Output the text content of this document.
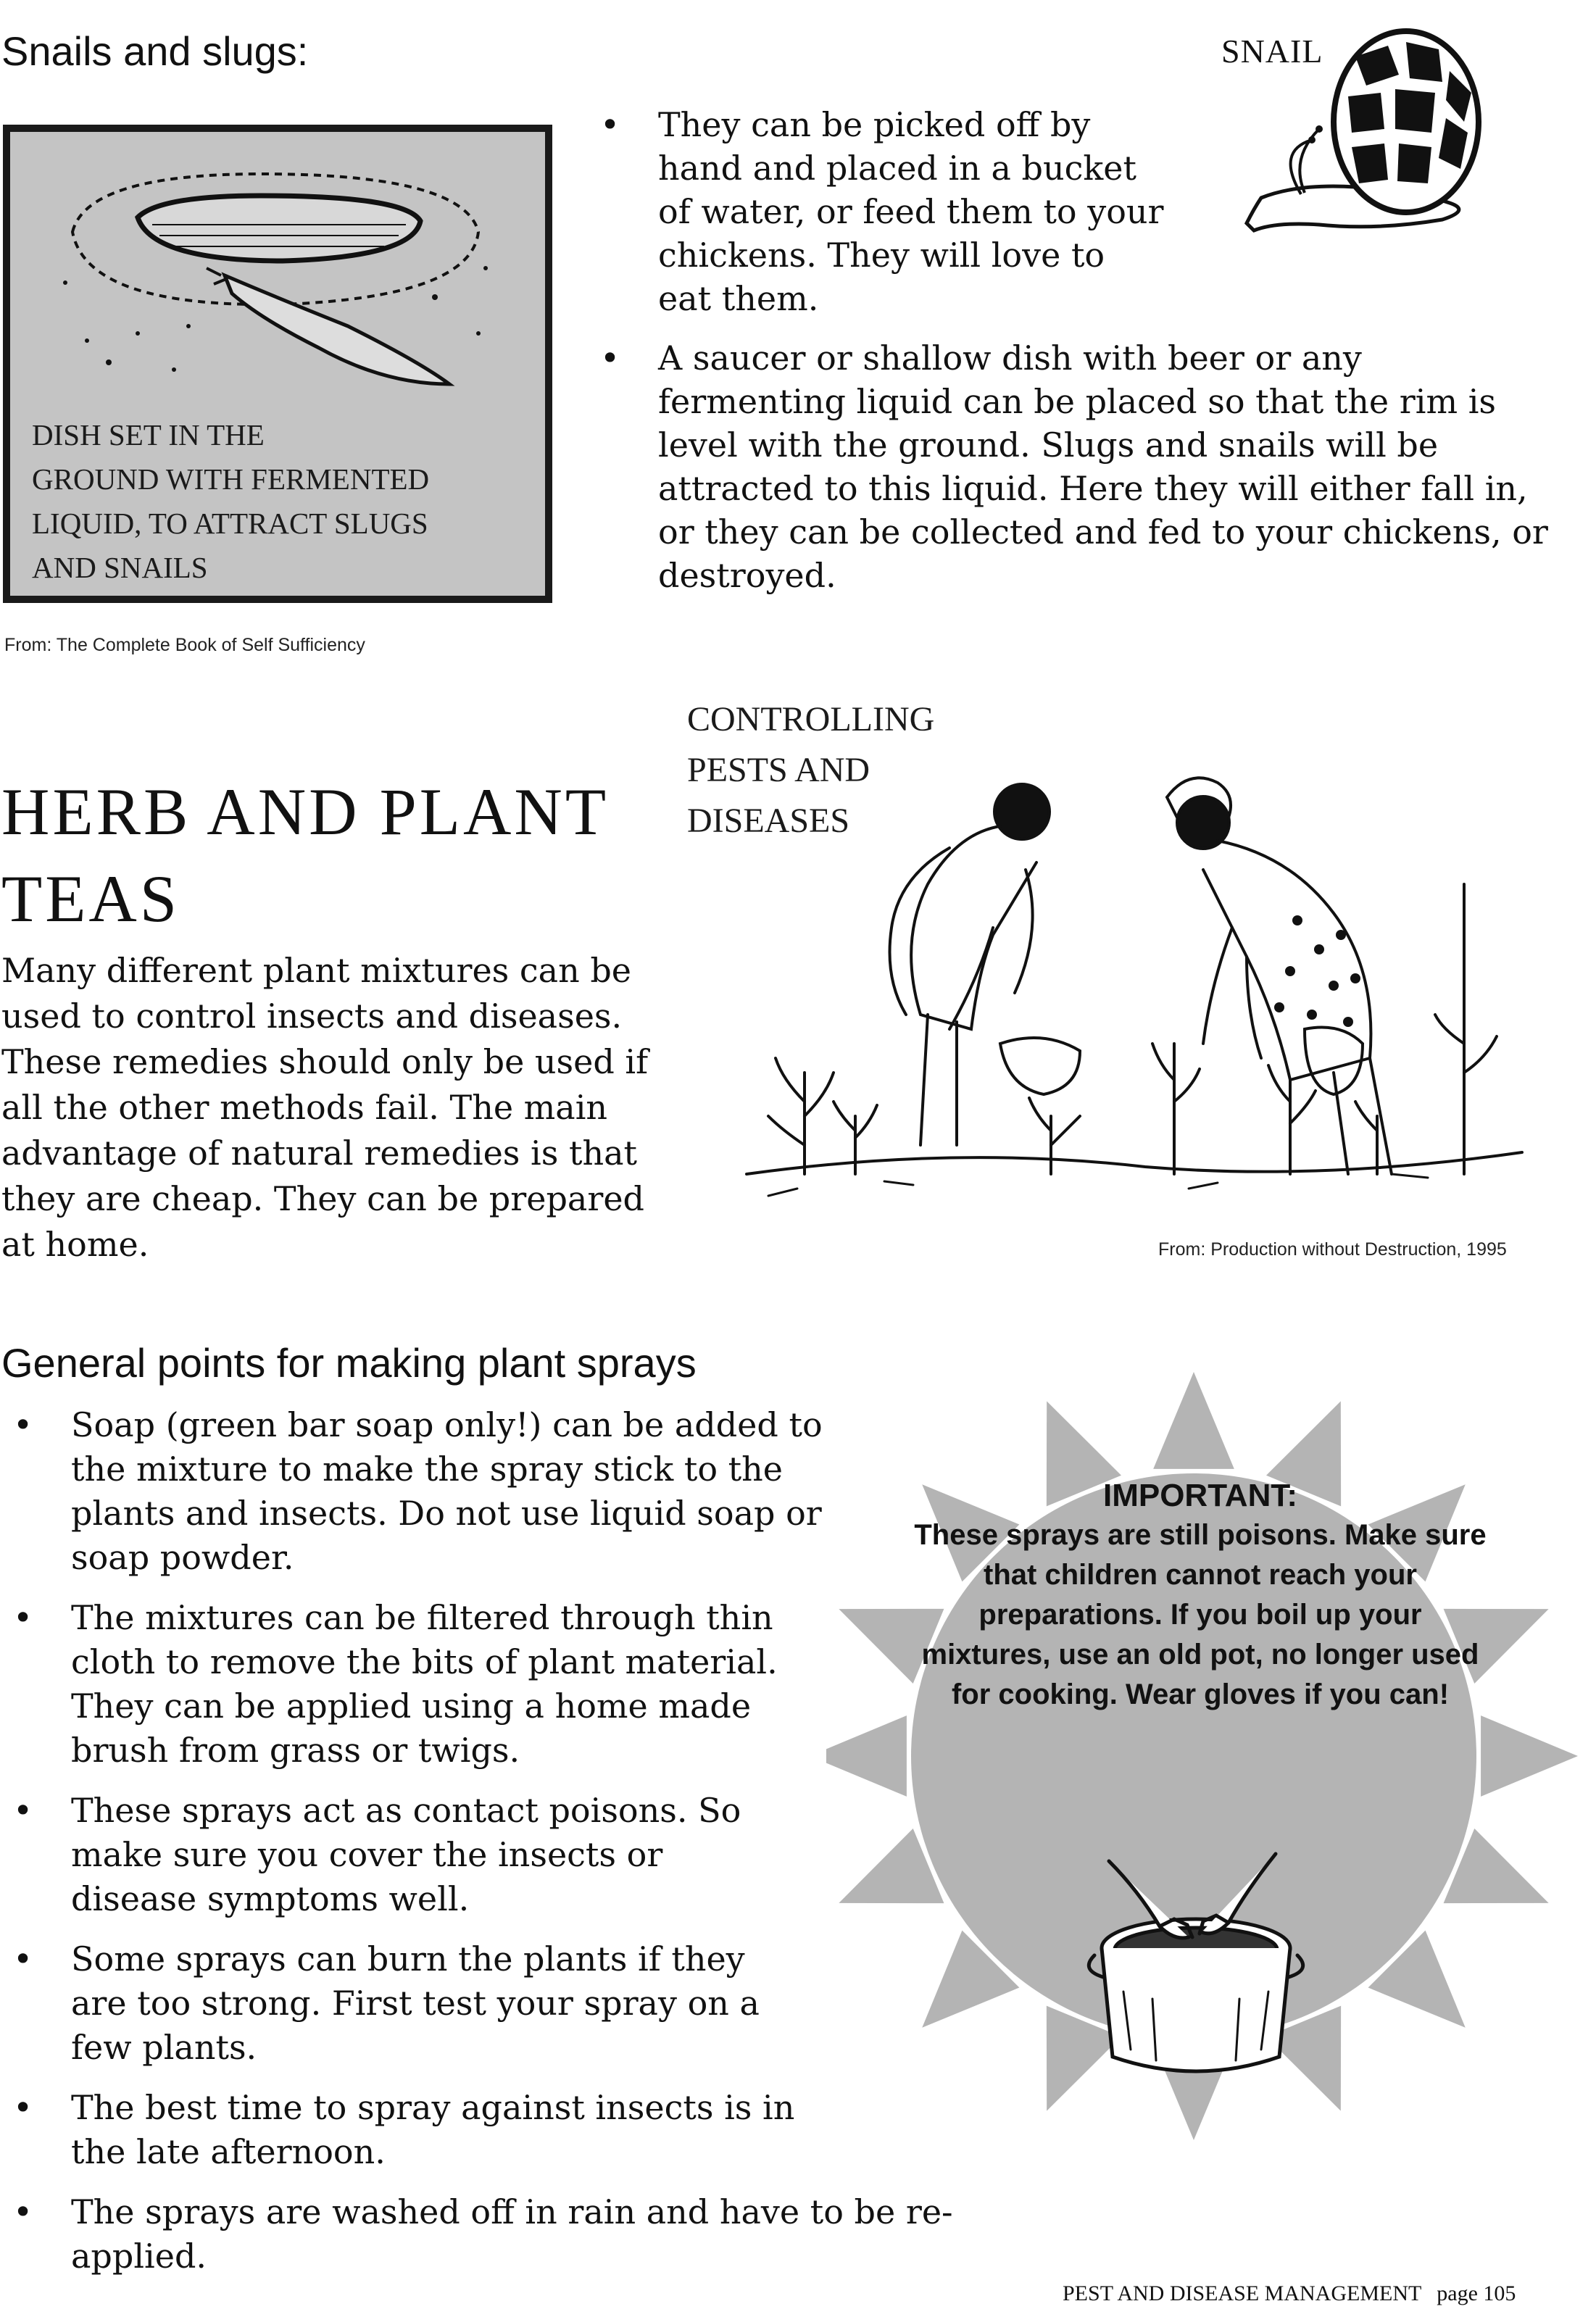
Snails and slugs:	SNAIL
DISH SET IN THE
GROUND WITH FERMENTED
LIQUID, TO ATTRACT SLUGS
AND SNAILS
From: The Complete Book of Self Sufficiency
• They can be picked off by hand and placed in a bucket of water, or feed them to your chickens. They will love to eat them.
• A saucer or shallow dish with beer or any fermenting liquid can be placed so that the rim is level with the ground. Slugs and snails will be attracted to this liquid. Here they will either fall in, or they can be collected and fed to your chickens, or destroyed.
HERB AND PLANT
TEAS
Many different plant mixtures can be used to control insects and diseases. These remedies should only be used if all the other methods fail. The main advantage of natural remedies is that they are cheap. They can be prepared at home.
CONTROLLING
PESTS AND
DISEASES
From: Production without Destruction, 1995
General points for making plant sprays
• Soap (green bar soap only!) can be added to the mixture to make the spray stick to the plants and insects. Do not use liquid soap or soap powder.
• The mixtures can be filtered through thin cloth to remove the bits of plant material. They can be applied using a home made brush from grass or twigs.
• These sprays act as contact poisons. So make sure you cover the insects or disease symptoms well.
• Some sprays can burn the plants if they are too strong. First test your spray on a few plants.
• The best time to spray against insects is in the late afternoon.
• The sprays are washed off in rain and have to be re-applied.
IMPORTANT:
These sprays are still poisons. Make sure that children cannot reach your preparations. If you boil up your mixtures, use an old pot, no longer used for cooking. Wear gloves if you can!
PEST AND DISEASE MANAGEMENT page 105
